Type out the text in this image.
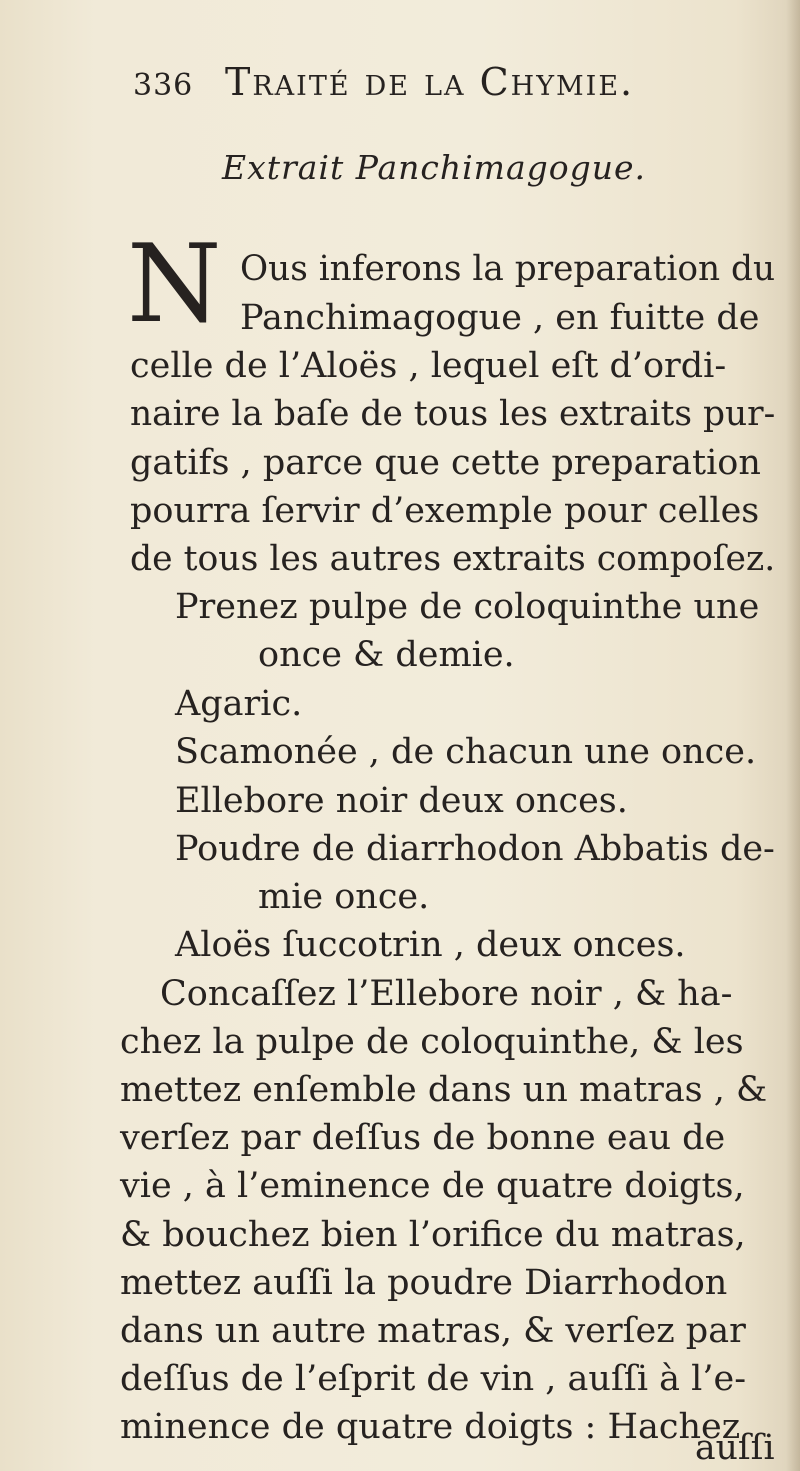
336 Traité de la Chymie.
Extrait Panchimagogue.
N Ous inferons la preparation du
Panchimagogue , en fuitte de
celle de l’Aloës , lequel eſt d’ordi-
naire la baſe de tous les extraits pur-
gatifs , parce que cette preparation
pourra ſervir d’exemple pour celles
de tous les autres extraits compoſez.
Prenez pulpe de coloquinthe une
once & demie.
Agaric.
Scamonée , de chacun une once.
Ellebore noir deux onces.
Poudre de diarrhodon Abbatis de-
mie once.
Aloës ſuccotrin , deux onces.
Concaſſez l’Ellebore noir , & ha-
chez la pulpe de coloquinthe, & les
mettez enſemble dans un matras , &
verſez par deſſus de bonne eau de
vie , à l’eminence de quatre doigts,
& bouchez bien l’orifice du matras,
mettez auſſi la poudre Diarrhodon
dans un autre matras, & verſez par
deſſus de l’eſprit de vin , auſſi à l’e-
minence de quatre doigts : Hachez
auſſi
